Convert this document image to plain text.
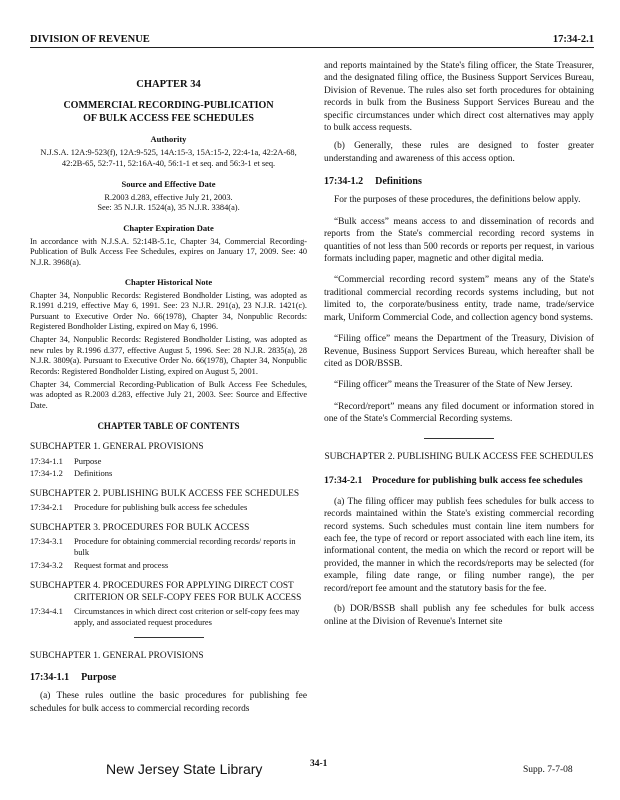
DIVISION OF REVENUE	17:34-2.1
CHAPTER 34
COMMERCIAL RECORDING-PUBLICATION
OF BULK ACCESS FEE SCHEDULES
Authority
N.J.S.A. 12A:9-523(f), 12A:9-525, 14A:15-3, 15A:15-2, 22:4-1a, 42:2A-68, 42:2B-65, 52:7-11, 52:16A-40, 56:1-1 et seq. and 56:3-1 et seq.
Source and Effective Date
R.2003 d.283, effective July 21, 2003.
See: 35 N.J.R. 1524(a), 35 N.J.R. 3384(a).
Chapter Expiration Date

In accordance with N.J.S.A. 52:14B-5.1c, Chapter 34, Commercial Recording-Publication of Bulk Access Fee Schedules, expires on January 17, 2009. See: 40 N.J.R. 3968(a).

Chapter Historical Note

Chapter 34, Nonpublic Records: Registered Bondholder Listing, was adopted as R.1991 d.219, effective May 6, 1991. See: 23 N.J.R. 291(a), 23 N.J.R. 1421(c). Pursuant to Executive Order No. 66(1978), Chapter 34, Nonpublic Records: Registered Bondholder Listing, expired on May 6, 1996.

Chapter 34, Nonpublic Records: Registered Bondholder Listing, was adopted as new rules by R.1996 d.377, effective August 5, 1996. See: 28 N.J.R. 2835(a), 28 N.J.R. 3809(a). Pursuant to Executive Order No. 66(1978), Chapter 34, Nonpublic Records: Registered Bondholder Listing, expired on August 5, 2001.

Chapter 34, Commercial Recording-Publication of Bulk Access Fee Schedules, was adopted as R.2003 d.283, effective July 21, 2003. See: Source and Effective Date.

CHAPTER TABLE OF CONTENTS
SUBCHAPTER 1. GENERAL PROVISIONS
17:34-1.1	Purpose
17:34-1.2	Definitions
SUBCHAPTER 2. PUBLISHING BULK ACCESS FEE SCHEDULES
17:34-2.1	Procedure for publishing bulk access fee schedules
SUBCHAPTER 3. PROCEDURES FOR BULK ACCESS
17:34-3.1	Procedure for obtaining commercial recording records/ reports in bulk
17:34-3.2	Request format and process
SUBCHAPTER 4. PROCEDURES FOR APPLYING DIRECT COST CRITERION OR SELF-COPY FEES FOR BULK ACCESS
17:34-4.1	Circumstances in which direct cost criterion or self-copy fees may apply, and associated request procedures
SUBCHAPTER 1. GENERAL PROVISIONS
17:34-1.1 Purpose

(a) These rules outline the basic procedures for publishing fee schedules for bulk access to commercial recording records

and reports maintained by the State's filing officer, the State Treasurer, and the designated filing office, the Business Support Services Bureau, Division of Revenue. The rules also set forth procedures for obtaining records in bulk from the Business Support Services Bureau and the specific circumstances under which direct cost alternatives may apply to bulk access requests.

(b) Generally, these rules are designed to foster greater understanding and awareness of this access option.

17:34-1.2 Definitions

For the purposes of these procedures, the definitions below apply.

“Bulk access” means access to and dissemination of records and reports from the State's commercial recording record systems in quantities of not less than 500 records or reports per request, in various formats including paper, magnetic and other digital media.

“Commercial recording record system” means any of the State's traditional commercial recording records systems including, but not limited to, the corporate/business entity, trade name, trade/service mark, Uniform Commercial Code, and collection agency bond systems.

“Filing office” means the Department of the Treasury, Division of Revenue, Business Support Services Bureau, which hereafter shall be cited as DOR/BSSB.

“Filing officer” means the Treasurer of the State of New Jersey.

“Record/report” means any filed document or information stored in one of the State's Commercial Recording systems.

SUBCHAPTER 2. PUBLISHING BULK ACCESS FEE SCHEDULES
17:34-2.1 Procedure for publishing bulk access fee schedules

(a) The filing officer may publish fees schedules for bulk access to records maintained within the State's existing commercial recording record systems. Such schedules must contain line item numbers for each fee, the type of record or report associated with each line item, its informational content, the media on which the record or report will be provided, the manner in which the records/reports may be selected (for example, filing date range, or filing number range), the per record/report fee amount and the statutory basis for the fee.

(b) DOR/BSSB shall publish any fee schedules for bulk access online at the Division of Revenue's Internet site

New Jersey State Library	34-1
Supp. 7-7-08
